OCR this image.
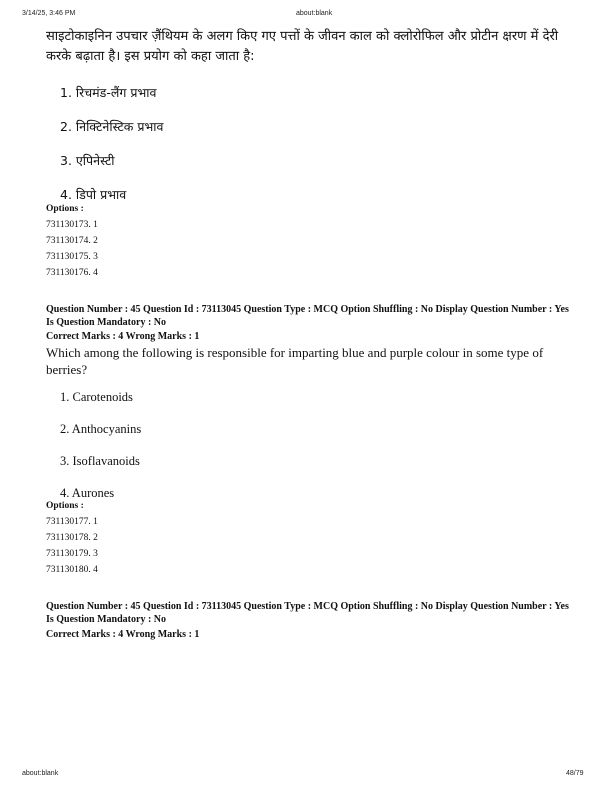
3/14/25, 3:46 PM	about:blank
साइटोकाइनिन उपचार ज़ैंथियम के अलग किए गए पत्तों के जीवन काल को क्लोरोफिल और प्रोटीन क्षरण में देरी करके बढ़ाता है। इस प्रयोग को कहा जाता है:
1. रिचमंड-लैंग प्रभाव
2. निक्टिनेस्टिक प्रभाव
3. एपिनेस्टी
4. डिपो प्रभाव
Options :
731130173. 1
731130174. 2
731130175. 3
731130176. 4
Question Number : 45 Question Id : 73113045 Question Type : MCQ Option Shuffling : No Display Question Number : Yes Is Question Mandatory : No
Correct Marks : 4 Wrong Marks : 1
Which among the following is responsible for imparting blue and purple colour in some type of berries?
1. Carotenoids
2. Anthocyanins
3. Isoflavanoids
4. Aurones
Options :
731130177. 1
731130178. 2
731130179. 3
731130180. 4
Question Number : 45 Question Id : 73113045 Question Type : MCQ Option Shuffling : No Display Question Number : Yes Is Question Mandatory : No
Correct Marks : 4 Wrong Marks : 1
about:blank	48/79
